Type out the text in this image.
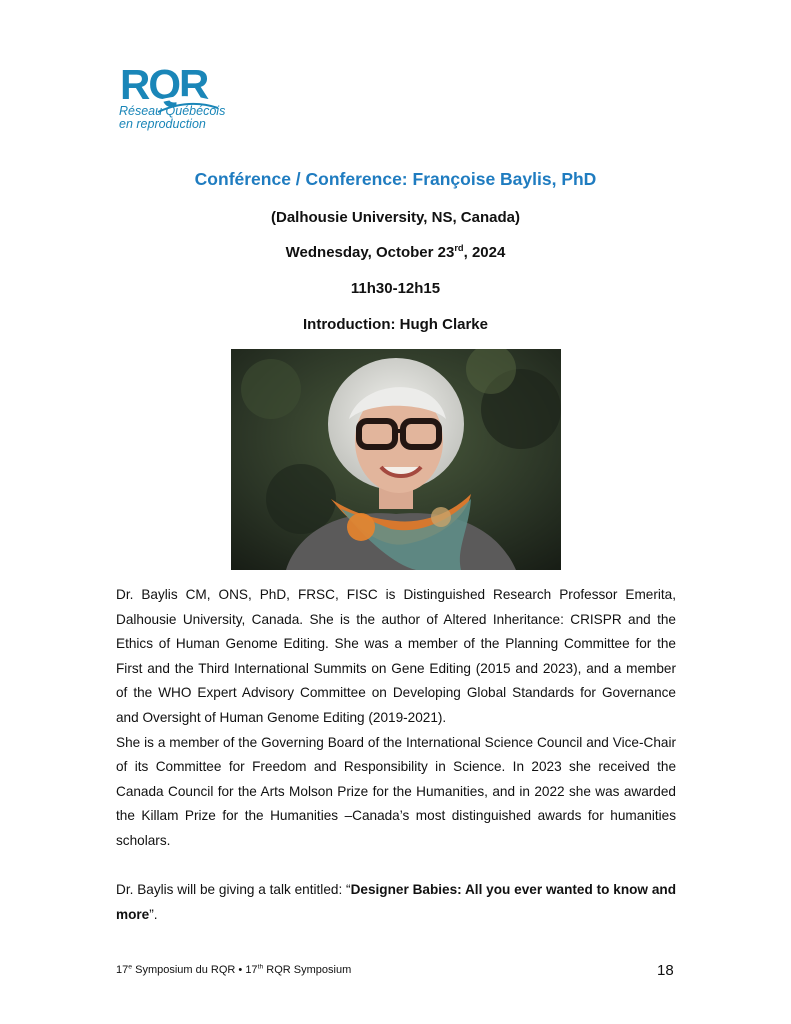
RQR
Réseau Québécois
en reproduction
Conférence / Conference: Françoise Baylis, PhD
(Dalhousie University, NS, Canada)
Wednesday, October 23rd, 2024
11h30-12h15
Introduction: Hugh Clarke

Dr. Baylis CM, ONS, PhD, FRSC, FISC is Distinguished Research Professor Emerita, Dalhousie University, Canada. She is the author of Altered Inheritance: CRISPR and the Ethics of Human Genome Editing. She was a member of the Planning Committee for the First and the Third International Summits on Gene Editing (2015 and 2023), and a member of the WHO Expert Advisory Committee on Developing Global Standards for Governance and Oversight of Human Genome Editing (2019-2021).

She is a member of the Governing Board of the International Science Council and Vice-Chair of its Committee for Freedom and Responsibility in Science. In 2023 she received the Canada Council for the Arts Molson Prize for the Humanities, and in 2022 she was awarded the Killam Prize for the Humanities –Canada’s most distinguished awards for humanities scholars.

Dr. Baylis will be giving a talk entitled: “Designer Babies: All you ever wanted to know and more”.
17e Symposium du RQR • 17th RQR Symposium	18
